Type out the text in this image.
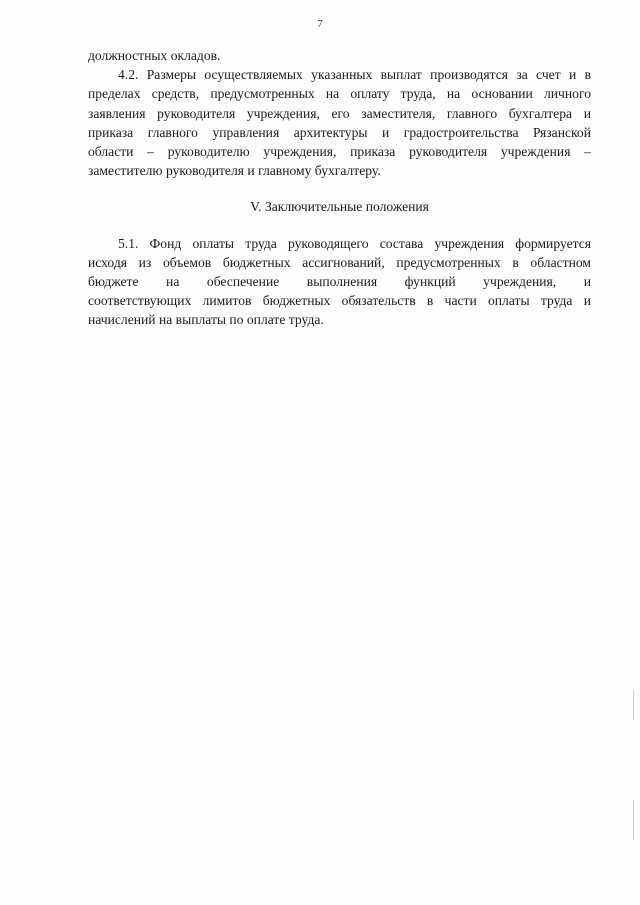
7
должностных окладов.
4.2. Размеры осуществляемых указанных выплат производятся за счет и в
пределах средств, предусмотренных на оплату труда, на основании личного
заявления руководителя учреждения, его заместителя, главного бухгалтера и
приказа главного управления архитектуры и градостроительства Рязанской
области – руководителю учреждения, приказа руководителя учреждения –
заместителю руководителя и главному бухгалтеру.
V. Заключительные положения
5.1. Фонд оплаты труда руководящего состава учреждения формируется
исходя из объемов бюджетных ассигнований, предусмотренных в областном
бюджете на обеспечение выполнения функций учреждения, и
соответствующих лимитов бюджетных обязательств в части оплаты труда и
начислений на выплаты по оплате труда.
